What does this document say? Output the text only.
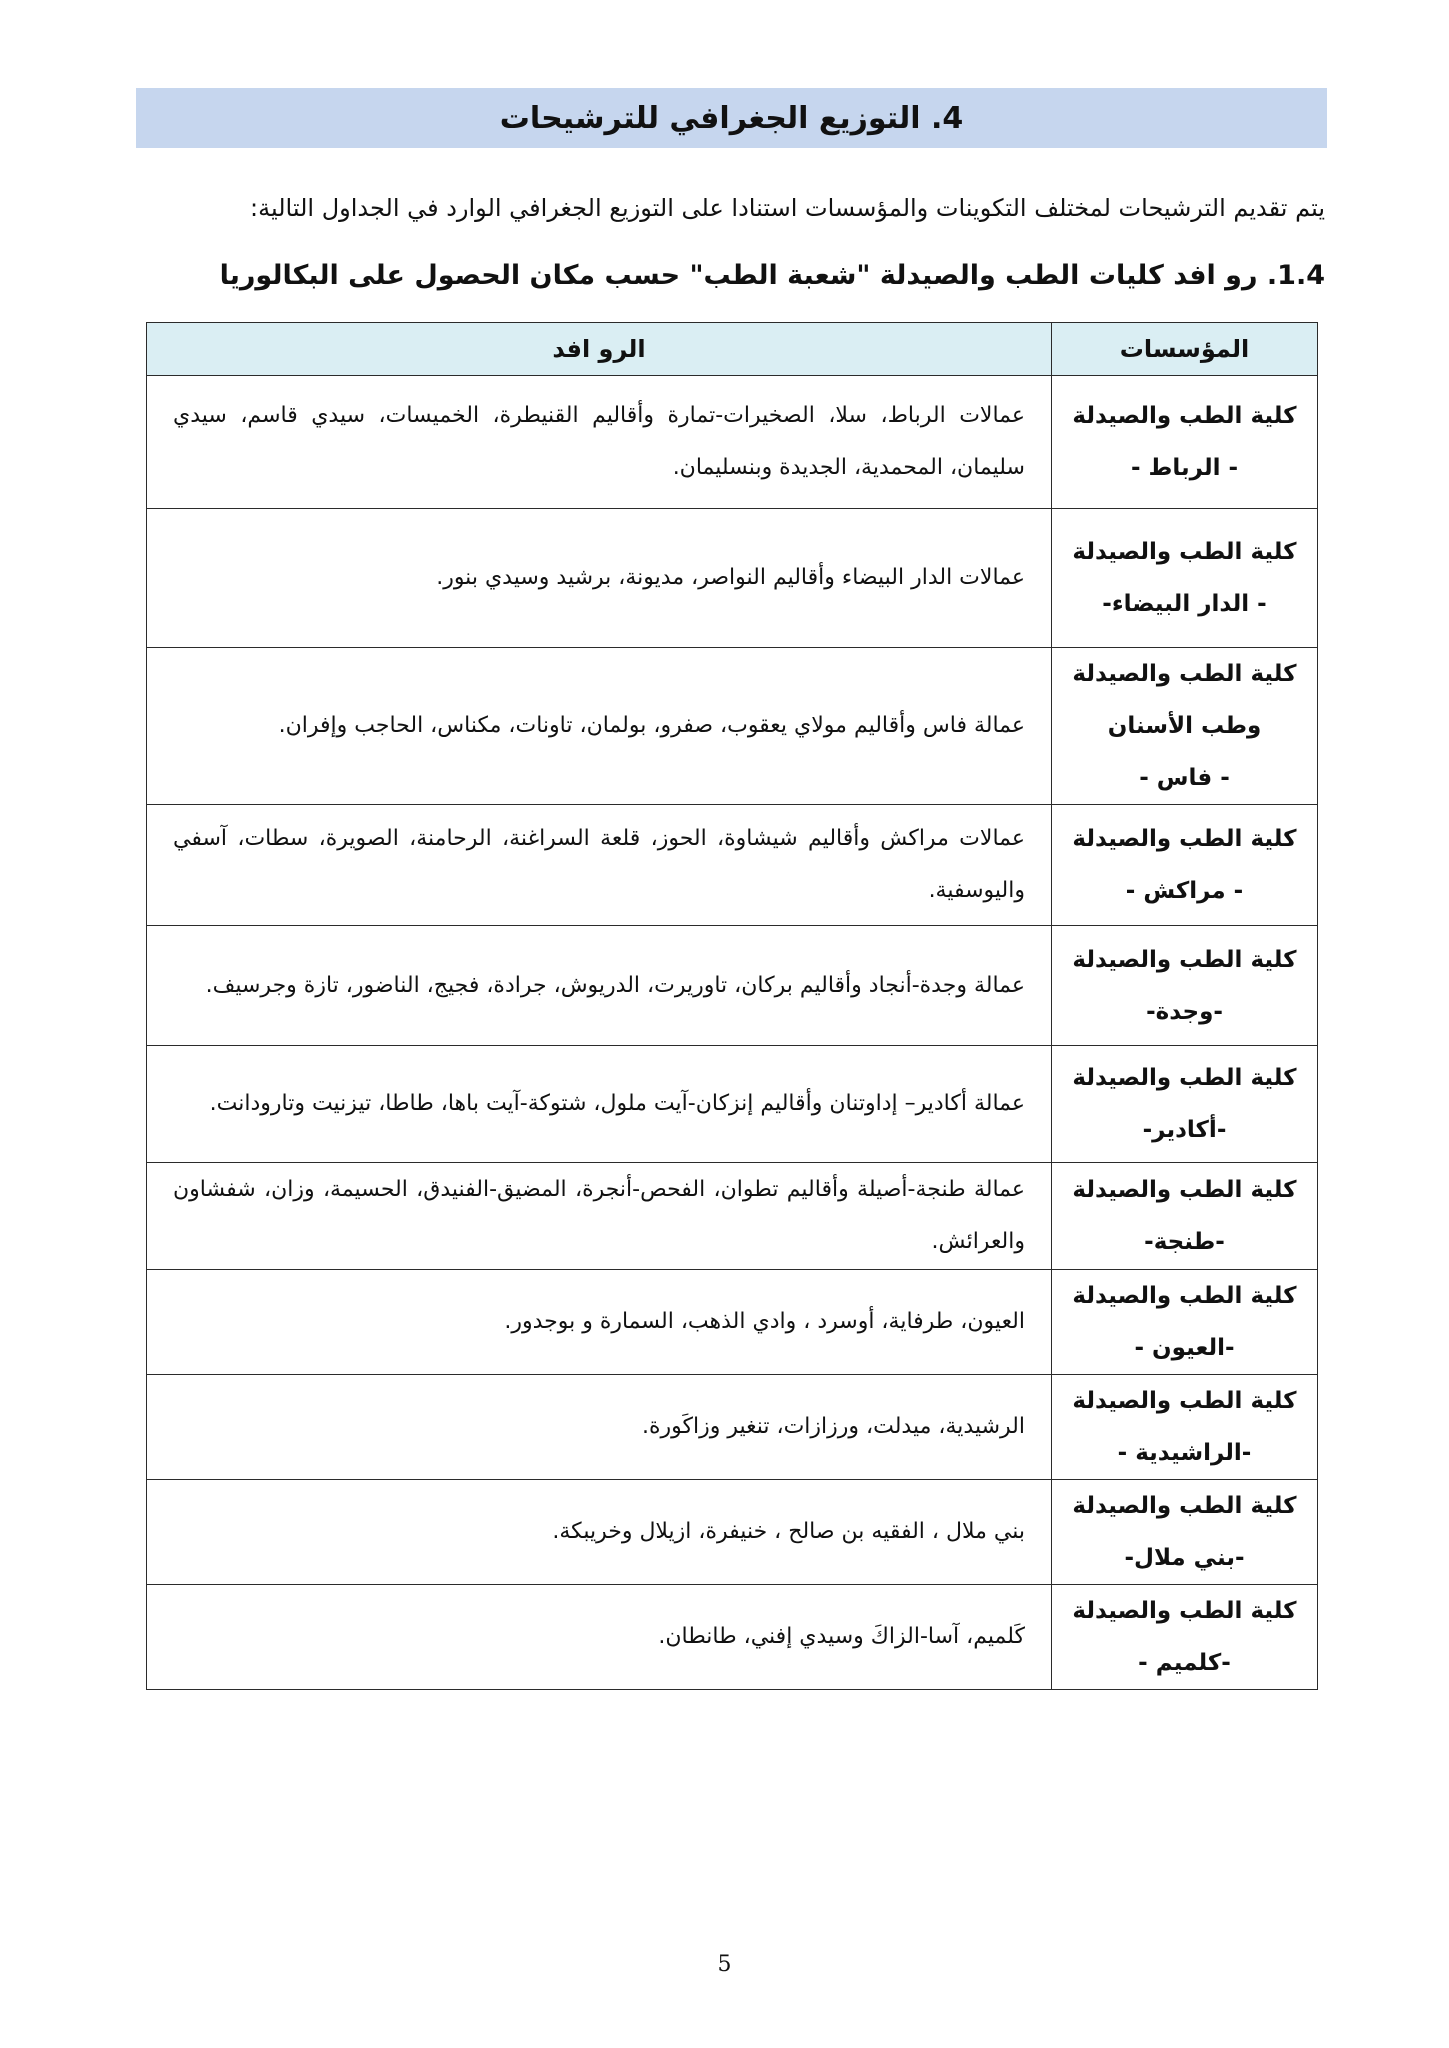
4. التوزيع الجغرافي للترشيحات
يتم تقديم الترشيحات لمختلف التكوينات والمؤسسات استنادا على التوزيع الجغرافي الوارد في الجداول التالية:
1.4. رو افد كليات الطب والصيدلة "شعبة الطب" حسب مكان الحصول على البكالوريا
المؤسسات	الرو افد

كلية الطب والصيدلة
- الرباط -	عمالات الرباط، سلا، الصخيرات-تمارة وأقاليم القنيطرة، الخميسات، سيدي قاسم، سيدي سليمان، المحمدية، الجديدة وبنسليمان.

كلية الطب والصيدلة
- الدار البيضاء-	عمالات الدار البيضاء وأقاليم النواصر، مديونة، برشيد وسيدي بنور.

كلية الطب والصيدلة
وطب الأسنان
- فاس -	عمالة فاس وأقاليم مولاي يعقوب، صفرو، بولمان، تاونات، مكناس، الحاجب وإفران.

كلية الطب والصيدلة
- مراكش -	عمالات مراكش وأقاليم شيشاوة، الحوز، قلعة السراغنة، الرحامنة، الصويرة، سطات، آسفي واليوسفية.

كلية الطب والصيدلة
-وجدة-	عمالة وجدة-أنجاد وأقاليم بركان، تاوريرت، الدريوش، جرادة، فجيج، الناضور، تازة وجرسيف.

كلية الطب والصيدلة
-أكادير-	عمالة أكادير– إداوتنان وأقاليم إنزكان-آيت ملول، شتوكة-آيت باها، طاطا، تيزنيت وتارودانت.

كلية الطب والصيدلة
-طنجة-	عمالة طنجة-أصيلة وأقاليم تطوان، الفحص-أنجرة، المضيق-الفنيدق، الحسيمة، وزان، شفشاون والعرائش.

كلية الطب والصيدلة
-العيون -	العيون، طرفاية، أوسرد ، وادي الذهب، السمارة و بوجدور.

كلية الطب والصيدلة
-الراشيدية -	الرشيدية، ميدلت، ورزازات، تنغير وزاكَورة.

كلية الطب والصيدلة
-بني ملال-	بني ملال ، الفقيه بن صالح ، خنيفرة، ازيلال وخريبكة.

كلية الطب والصيدلة
-كلميم -	كَلميم، آسا-الزاكَ وسيدي إفني، طانطان.
5
